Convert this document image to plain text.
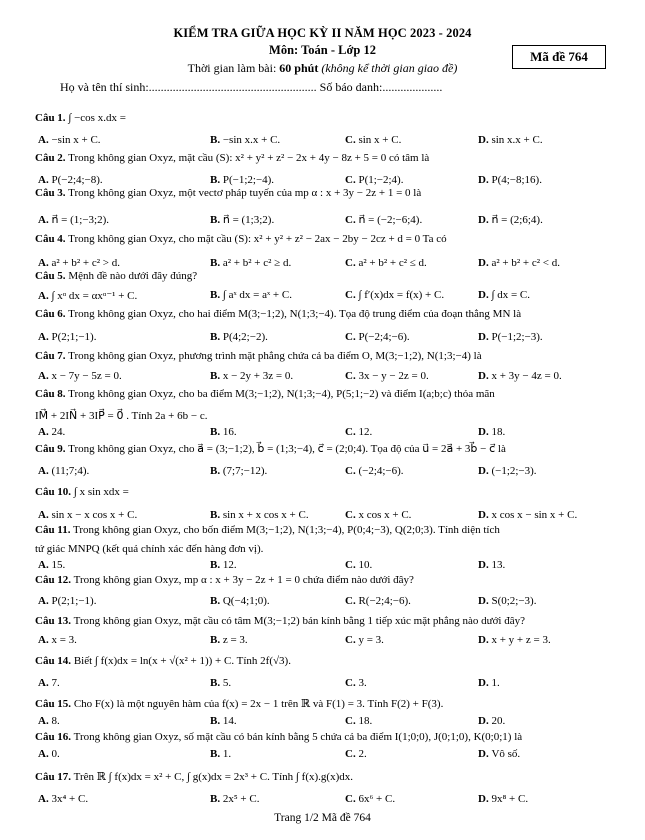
KIỂM TRA GIỮA HỌC KỲ II NĂM HỌC 2023 - 2024
Môn: Toán - Lớp 12
Thời gian làm bài: 60 phút (không kể thời gian giao đề)
Mã đề 764
Họ và tên thí sinh:........................................................ Số báo danh:....................
Câu 1. ∫ −cos x.dx =
A. −sin x + C.	B. −sin x.x + C.	C. sin x + C.	D. sin x.x + C.
Câu 2. Trong không gian Oxyz, mặt cầu (S): x² + y² + z² − 2x + 4y − 8z + 5 = 0 có tâm là
A. P(−2;4;−8).	B. P(−1;2;−4).	C. P(1;−2;4).	D. P(4;−8;16).
Câu 3. Trong không gian Oxyz, một vectơ pháp tuyến của mp α : x + 3y − 2z + 1 = 0 là
A. n⃗ = (1;−3;2).	B. n⃗ = (1;3;2).	C. n⃗ = (−2;−6;4).	D. n⃗ = (2;6;4).
Câu 4. Trong không gian Oxyz, cho mặt cầu (S): x² + y² + z² − 2ax − 2by − 2cz + d = 0 Ta có
A. a² + b² + c² > d.	B. a² + b² + c² ≥ d.	C. a² + b² + c² ≤ d.	D. a² + b² + c² < d.
Câu 5. Mệnh đề nào dưới đây đúng?
A. ∫ xᵅ dx = αxᵅ⁻¹ + C.	B. ∫ aˣ dx = aˣ + C.	C. ∫ f′(x)dx = f(x) + C.	D. ∫ dx = C.
Câu 6. Trong không gian Oxyz, cho hai điểm M(3;−1;2), N(1;3;−4). Tọa độ trung điểm của đoạn thẳng MN là
A. P(2;1;−1).	B. P(4;2;−2).	C. P(−2;4;−6).	D. P(−1;2;−3).
Câu 7. Trong không gian Oxyz, phương trình mặt phẳng chứa cả ba điểm O, M(3;−1;2), N(1;3;−4) là
A. x − 7y − 5z = 0.	B. x − 2y + 3z = 0.	C. 3x − y − 2z = 0.	D. x + 3y − 4z = 0.
Câu 8. Trong không gian Oxyz, cho ba điểm M(3;−1;2), N(1;3;−4), P(5;1;−2) và điểm I(a;b;c) thỏa mãn
IM⃗ + 2IN⃗ + 3IP⃗ = 0⃗ . Tính 2a + 6b − c.
A. 24.	B. 16.	C. 12.	D. 18.
Câu 9. Trong không gian Oxyz, cho a⃗ = (3;−1;2), b⃗ = (1;3;−4), c⃗ = (2;0;4). Tọa độ của u⃗ = 2a⃗ + 3b⃗ − c⃗ là
A. (11;7;4).	B. (7;7;−12).	C. (−2;4;−6).	D. (−1;2;−3).
Câu 10. ∫ x sin xdx =
A. sin x − x cos x + C.	B. sin x + x cos x + C.	C. x cos x + C.	D. x cos x − sin x + C.
Câu 11. Trong không gian Oxyz, cho bốn điểm M(3;−1;2), N(1;3;−4), P(0;4;−3), Q(2;0;3). Tính diện tích
tứ giác MNPQ (kết quả chính xác đến hàng đơn vị).
A. 15.	B. 12.	C. 10.	D. 13.
Câu 12. Trong không gian Oxyz, mp α : x + 3y − 2z + 1 = 0 chứa điểm nào dưới đây?
A. P(2;1;−1).	B. Q(−4;1;0).	C. R(−2;4;−6).	D. S(0;2;−3).
Câu 13. Trong không gian Oxyz, mặt cầu có tâm M(3;−1;2) bán kính bằng 1 tiếp xúc mặt phẳng nào dưới đây?
A. x = 3.	B. z = 3.	C. y = 3.	D. x + y + z = 3.
Câu 14. Biết ∫ f(x)dx = ln(x + √(x² + 1)) + C. Tính 2f(√3).
A. 7.	B. 5.	C. 3.	D. 1.
Câu 15. Cho F(x) là một nguyên hàm của f(x) = 2x − 1 trên ℝ và F(1) = 3. Tính F(2) + F(3).
A. 8.	B. 14.	C. 18.	D. 20.
Câu 16. Trong không gian Oxyz, số mặt cầu có bán kính bằng 5 chứa cả ba điểm I(1;0;0), J(0;1;0), K(0;0;1) là
A. 0.	B. 1.	C. 2.	D. Vô số.
Câu 17. Trên ℝ ∫ f(x)dx = x² + C, ∫ g(x)dx = 2x³ + C. Tính ∫ f(x).g(x)dx.
A. 3x⁴ + C.	B. 2x⁵ + C.	C. 6x⁶ + C.	D. 9x⁸ + C.
Trang 1/2 Mã đề 764
